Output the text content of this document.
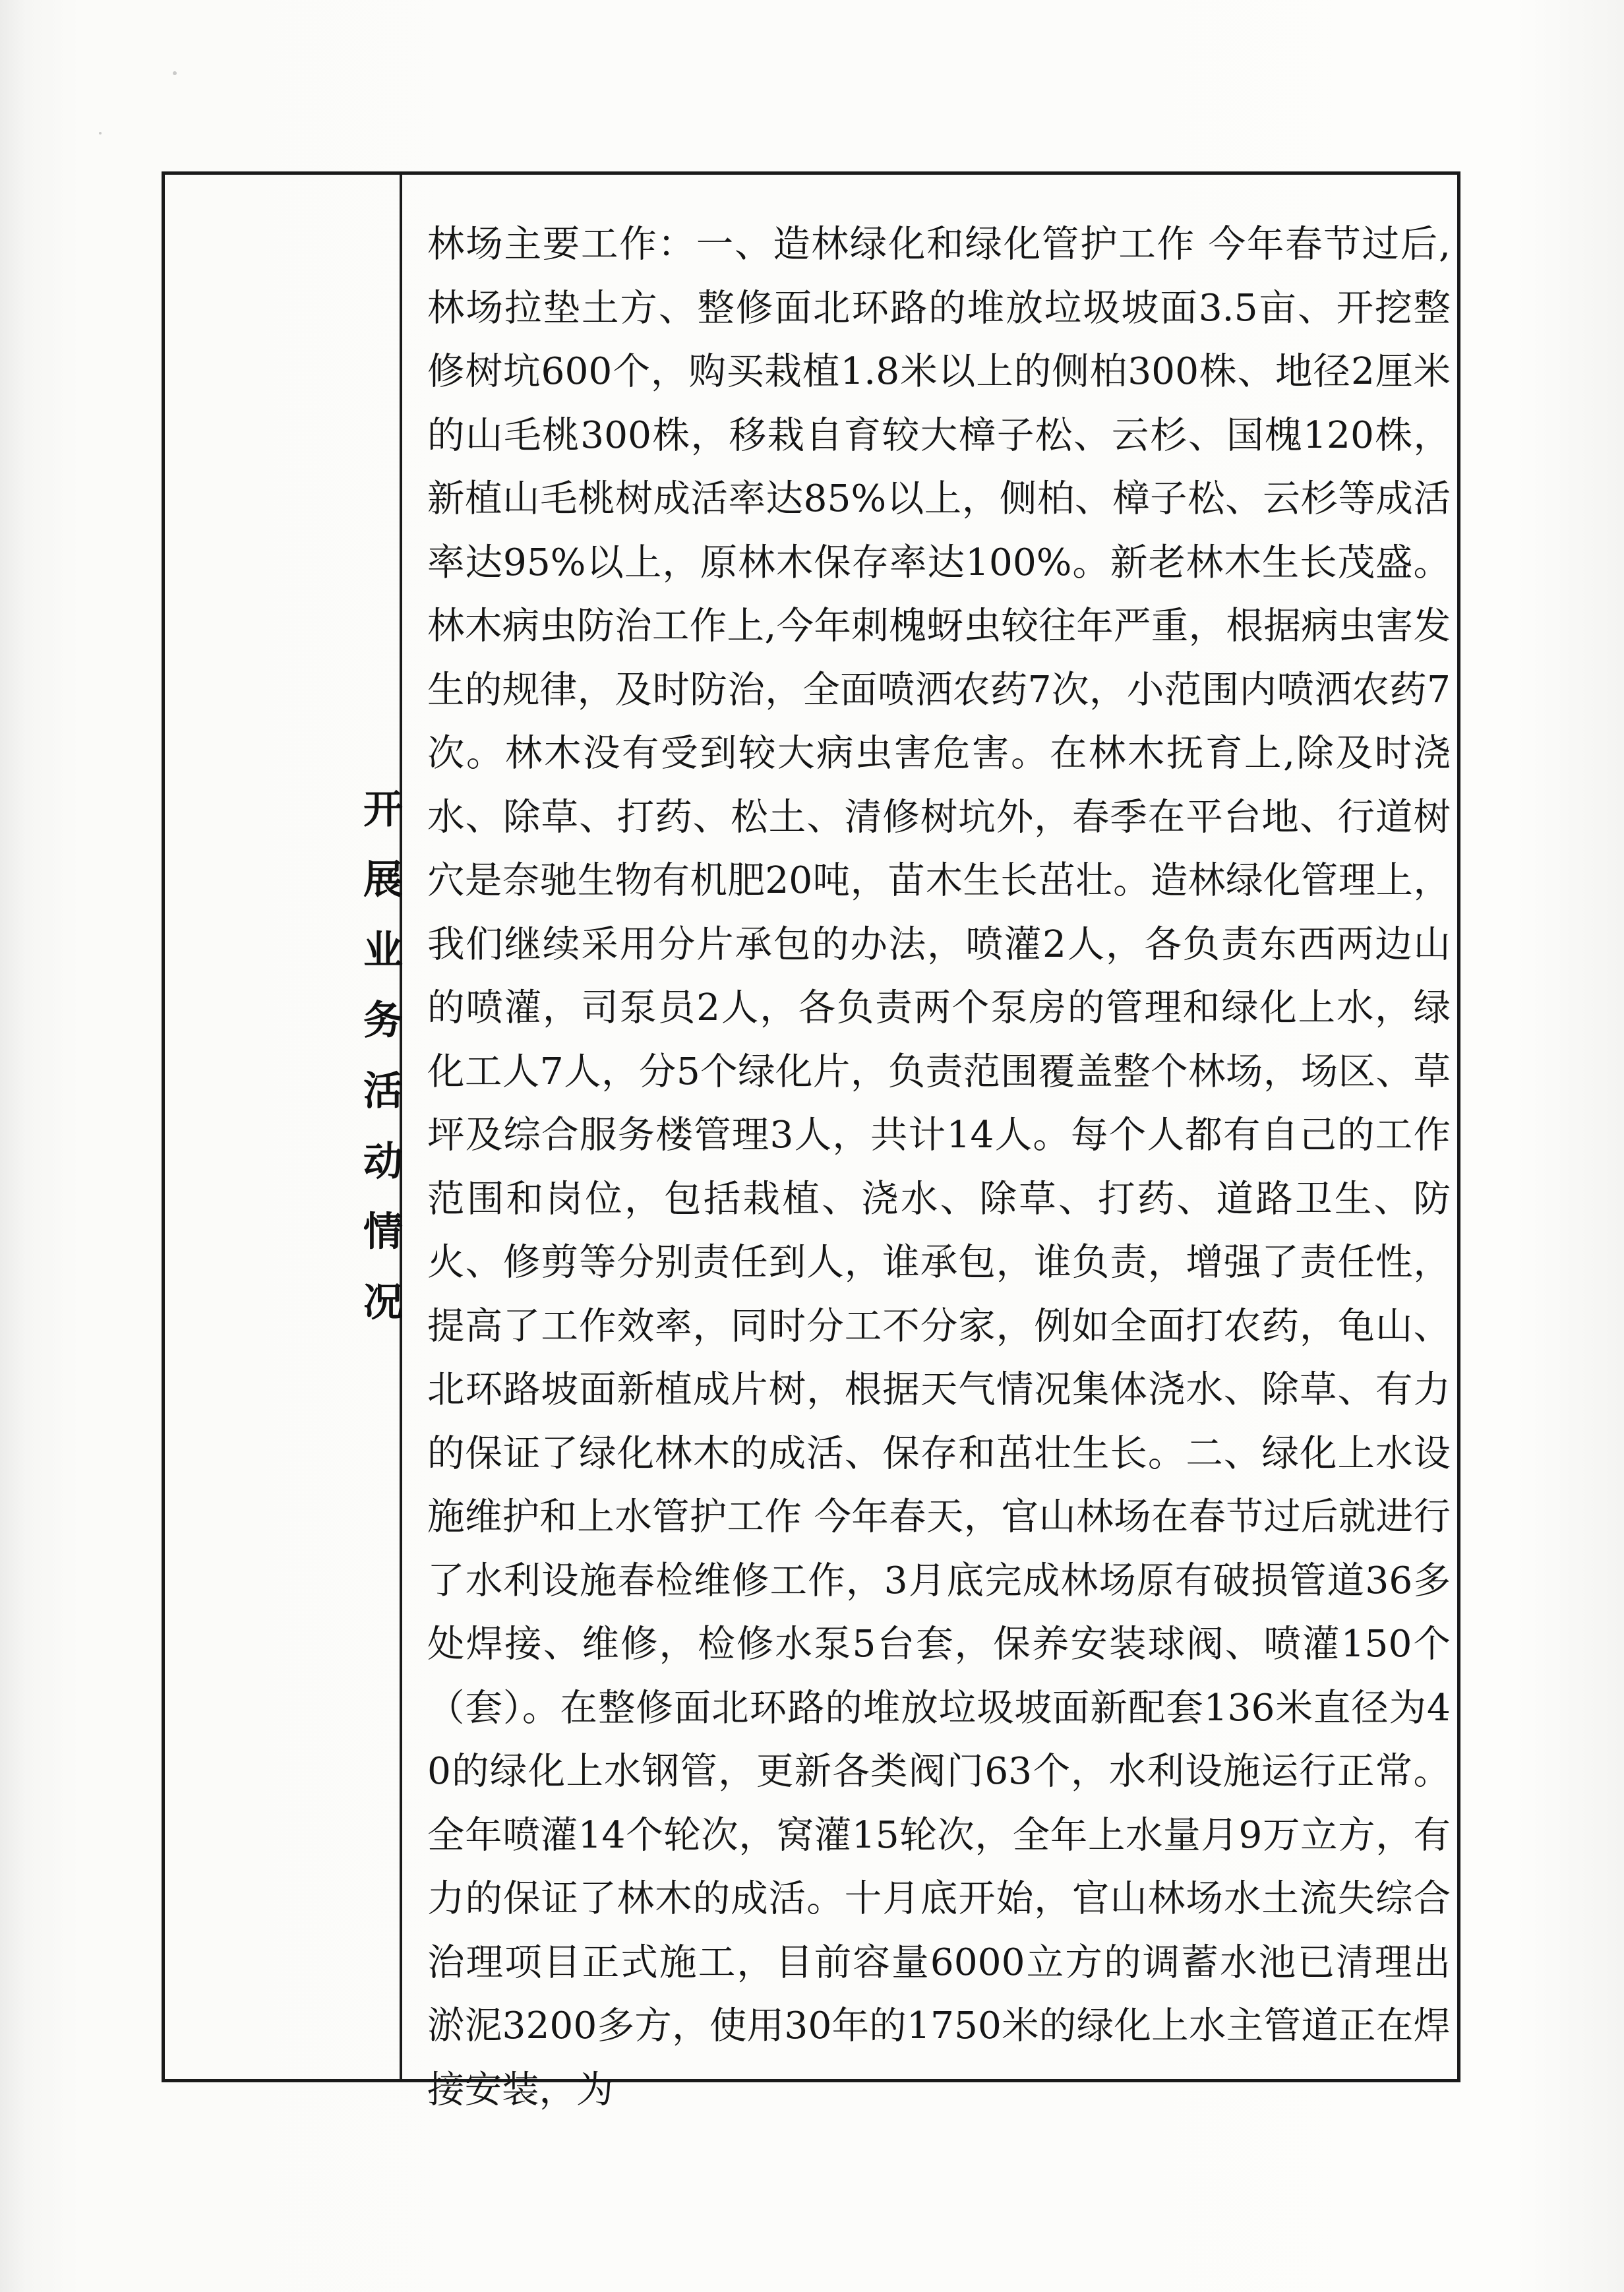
开展业务活动情况

林场主要工作：一、造林绿化和绿化管护工作 今年春节过后,林场拉垫土方、整修面北环路的堆放垃圾坡面3.5亩、开挖整修树坑600个，购买栽植1.8米以上的侧柏300株、地径2厘米的山毛桃300株，移栽自育较大樟子松、云杉、国槐120株，新植山毛桃树成活率达85%以上，侧柏、樟子松、云杉等成活率达95%以上，原林木保存率达100%。新老林木生长茂盛。林木病虫防治工作上,今年刺槐蚜虫较往年严重，根据病虫害发生的规律，及时防治，全面喷洒农药7次，小范围内喷洒农药7次。林木没有受到较大病虫害危害。在林木抚育上,除及时浇水、除草、打药、松土、清修树坑外，春季在平台地、行道树穴是奈驰生物有机肥20吨，苗木生长茁壮。造林绿化管理上，我们继续采用分片承包的办法，喷灌2人，各负责东西两边山的喷灌，司泵员2人，各负责两个泵房的管理和绿化上水，绿化工人7人，分5个绿化片，负责范围覆盖整个林场，场区、草坪及综合服务楼管理3人，共计14人。每个人都有自己的工作范围和岗位，包括栽植、浇水、除草、打药、道路卫生、防火、修剪等分别责任到人，谁承包，谁负责，增强了责任性，提高了工作效率，同时分工不分家，例如全面打农药，龟山、北环路坡面新植成片树，根据天气情况集体浇水、除草、有力的保证了绿化林木的成活、保存和茁壮生长。二、绿化上水设施维护和上水管护工作 今年春天，官山林场在春节过后就进行了水利设施春检维修工作，3月底完成林场原有破损管道36多处焊接、维修，检修水泵5台套，保养安装球阀、喷灌150个（套）。在整修面北环路的堆放垃圾坡面新配套136米直径为40的绿化上水钢管，更新各类阀门63个，水利设施运行正常。全年喷灌14个轮次，窝灌15轮次，全年上水量月9万立方，有力的保证了林木的成活。十月底开始，官山林场水土流失综合治理项目正式施工，目前容量6000立方的调蓄水池已清理出淤泥3200多方，使用30年的1750米的绿化上水主管道正在焊接安装，为
